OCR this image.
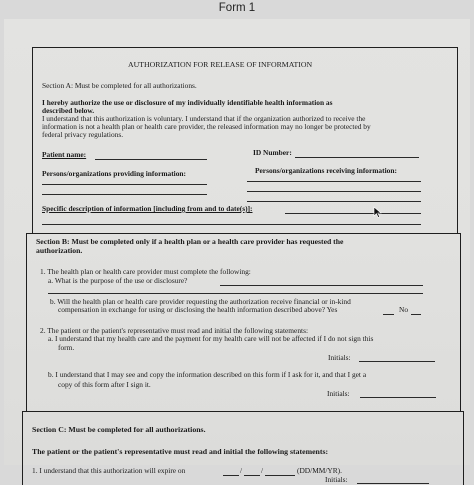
Form 1
AUTHORIZATION FOR RELEASE OF INFORMATION
Section A: Must be completed for all authorizations.
I hereby authorize the use or disclosure of my individually identifiable health information as
described below.
I understand that this authorization is voluntary. I understand that if the organization authorized to receive the
information is not a health plan or health care provider, the released information may no longer be protected by
federal privacy regulations.
Patient name:	ID Number:
Persons/organizations providing information:	Persons/organizations receiving information:
Specific description of information [including from and to date(s)]:
Section B: Must be completed only if a health plan or a health care provider has requested the
authorization.
1. The health plan or health care provider must complete the following:
a. What is the purpose of the use or disclosure?
b. Will the health plan or health care provider requesting the authorization receive financial or in-kind
compensation in exchange for using or disclosing the health information described above? Yes	No
2. The patient or the patient's representative must read and initial the following statements:
a. I understand that my health care and the payment for my health care will not be affected if I do not sign this
form.
Initials:
b. I understand that I may see and copy the information described on this form if I ask for it, and that I get a
copy of this form after I sign it.
Initials:
Section C: Must be completed for all authorizations.
The patient or the patient's representative must read and initial the following statements:
1. I understand that this authorization will expire on	/	/	(DD/MM/YR).
Initials:
